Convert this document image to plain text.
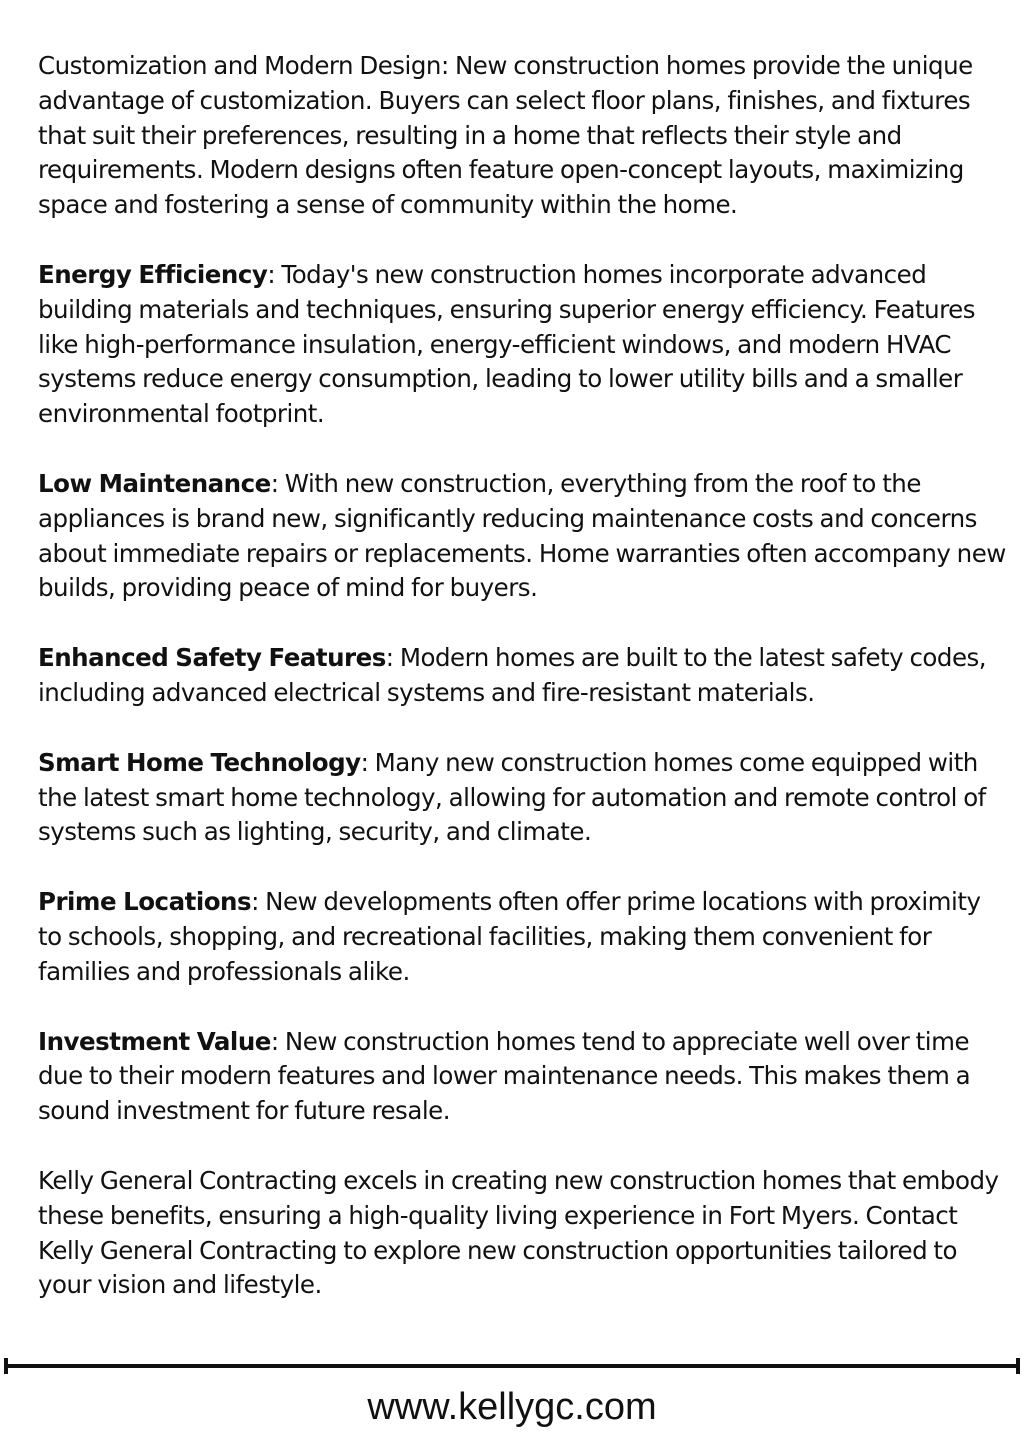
Customization and Modern Design: New construction homes provide the unique advantage of customization. Buyers can select floor plans, finishes, and fixtures that suit their preferences, resulting in a home that reflects their style and requirements. Modern designs often feature open-concept layouts, maximizing space and fostering a sense of community within the home.

Energy Efficiency: Today's new construction homes incorporate advanced building materials and techniques, ensuring superior energy efficiency. Features like high-performance insulation, energy-efficient windows, and modern HVAC systems reduce energy consumption, leading to lower utility bills and a smaller environmental footprint.

Low Maintenance: With new construction, everything from the roof to the appliances is brand new, significantly reducing maintenance costs and concerns about immediate repairs or replacements. Home warranties often accompany new builds, providing peace of mind for buyers.

Enhanced Safety Features: Modern homes are built to the latest safety codes, including advanced electrical systems and fire-resistant materials.

Smart Home Technology: Many new construction homes come equipped with the latest smart home technology, allowing for automation and remote control of systems such as lighting, security, and climate.

Prime Locations: New developments often offer prime locations with proximity to schools, shopping, and recreational facilities, making them convenient for families and professionals alike.

Investment Value: New construction homes tend to appreciate well over time due to their modern features and lower maintenance needs. This makes them a sound investment for future resale.

Kelly General Contracting excels in creating new construction homes that embody these benefits, ensuring a high-quality living experience in Fort Myers. Contact Kelly General Contracting to explore new construction opportunities tailored to your vision and lifestyle.

www.kellygc.com
